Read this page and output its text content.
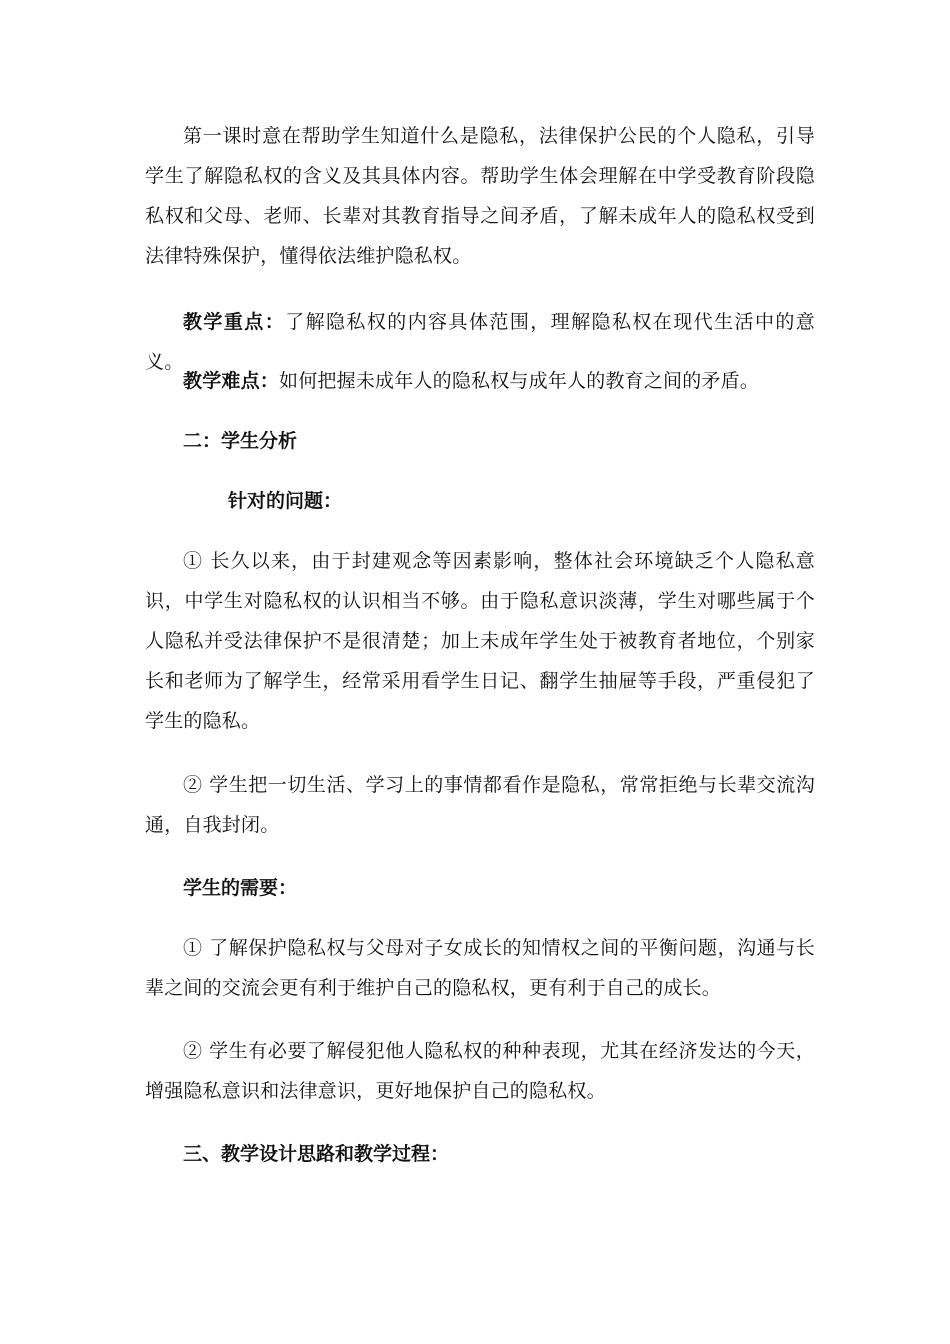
第一课时意在帮助学生知道什么是隐私，法律保护公民的个人隐私，引导学生了解隐私权的含义及其具体内容。帮助学生体会理解在中学受教育阶段隐私权和父母、老师、长辈对其教育指导之间矛盾，了解未成年人的隐私权受到法律特殊保护，懂得依法维护隐私权。

教学重点：了解隐私权的内容具体范围，理解隐私权在现代生活中的意义。

教学难点：如何把握未成年人的隐私权与成年人的教育之间的矛盾。

二：学生分析

针对的问题：

① 长久以来，由于封建观念等因素影响，整体社会环境缺乏个人隐私意识，中学生对隐私权的认识相当不够。由于隐私意识淡薄，学生对哪些属于个人隐私并受法律保护不是很清楚；加上未成年学生处于被教育者地位，个别家长和老师为了解学生，经常采用看学生日记、翻学生抽屉等手段，严重侵犯了学生的隐私。

② 学生把一切生活、学习上的事情都看作是隐私，常常拒绝与长辈交流沟通，自我封闭。

学生的需要：

① 了解保护隐私权与父母对子女成长的知情权之间的平衡问题，沟通与长辈之间的交流会更有利于维护自己的隐私权，更有利于自己的成长。

② 学生有必要了解侵犯他人隐私权的种种表现，尤其在经济发达的今天，增强隐私意识和法律意识，更好地保护自己的隐私权。

三、教学设计思路和教学过程：
